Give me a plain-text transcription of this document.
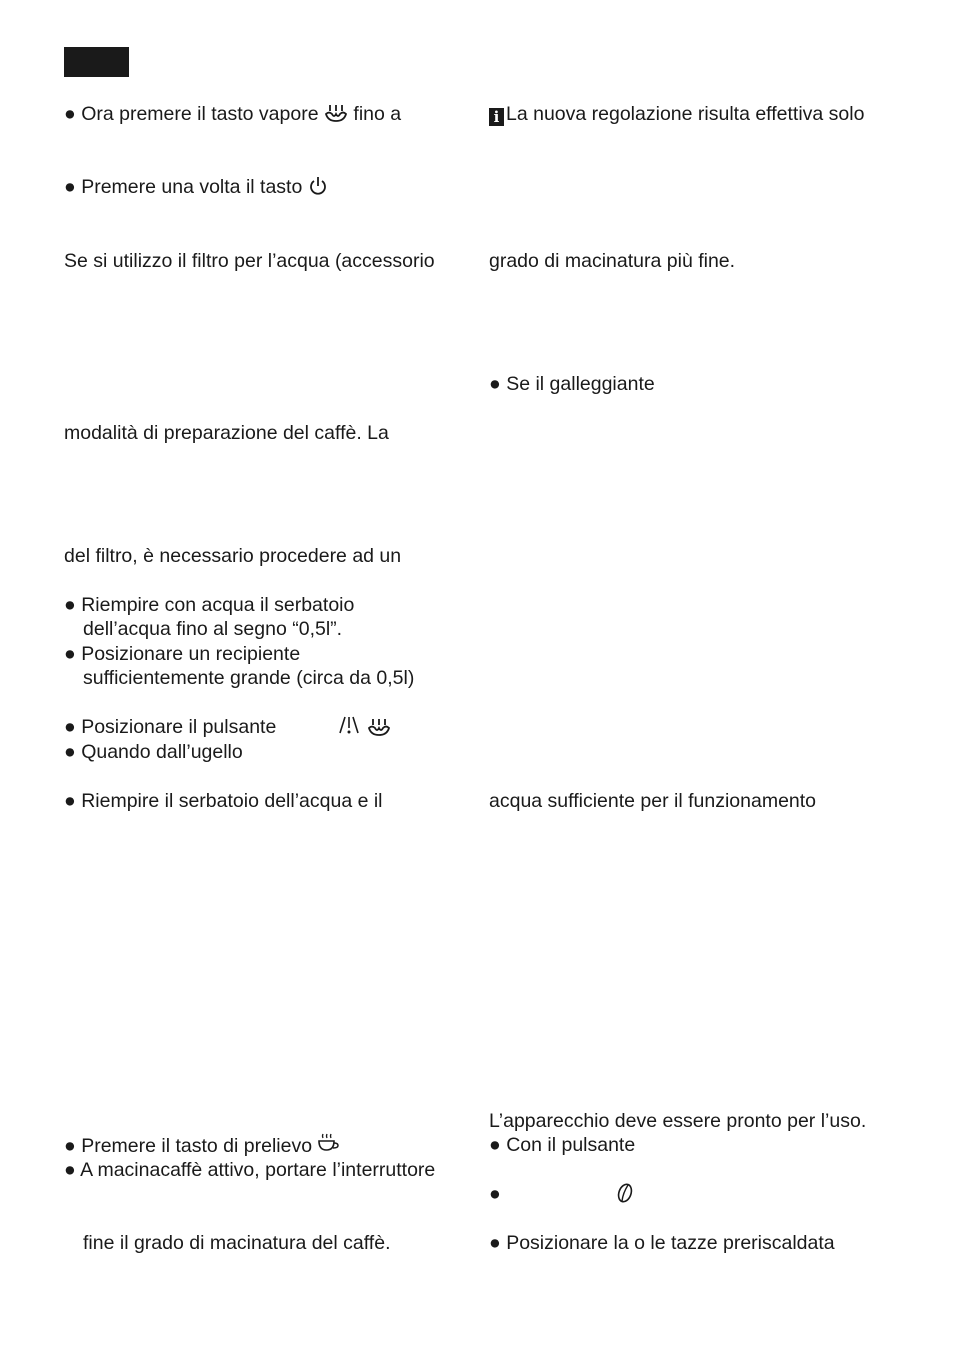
● Ora premere il tasto vapore fino a
● Premere una volta il tasto
Se si utilizzo il filtro per l’acqua (accessorio
modalità di preparazione del caffè. La
del filtro, è necessario procedere ad un
● Riempire con acqua il serbatoio
dell’acqua fino al segno “0,5l”.
● Posizionare un recipiente
sufficientemente grande (circa da 0,5l)
● Posizionare il pulsante

● Quando dall’ugello
● Riempire il serbatoio dell’acqua e il
● Premere il tasto di prelievo
● A macinacaffè attivo, portare l’interruttore
fine il grado di macinatura del caffè.
i La nuova regolazione risulta effettiva solo
grado di macinatura più fine.
● Se il galleggiante
acqua sufficiente per il funzionamento
L’apparecchio deve essere pronto per l’uso.
● Con il pulsante
●
● Posizionare la o le tazze preriscaldata
